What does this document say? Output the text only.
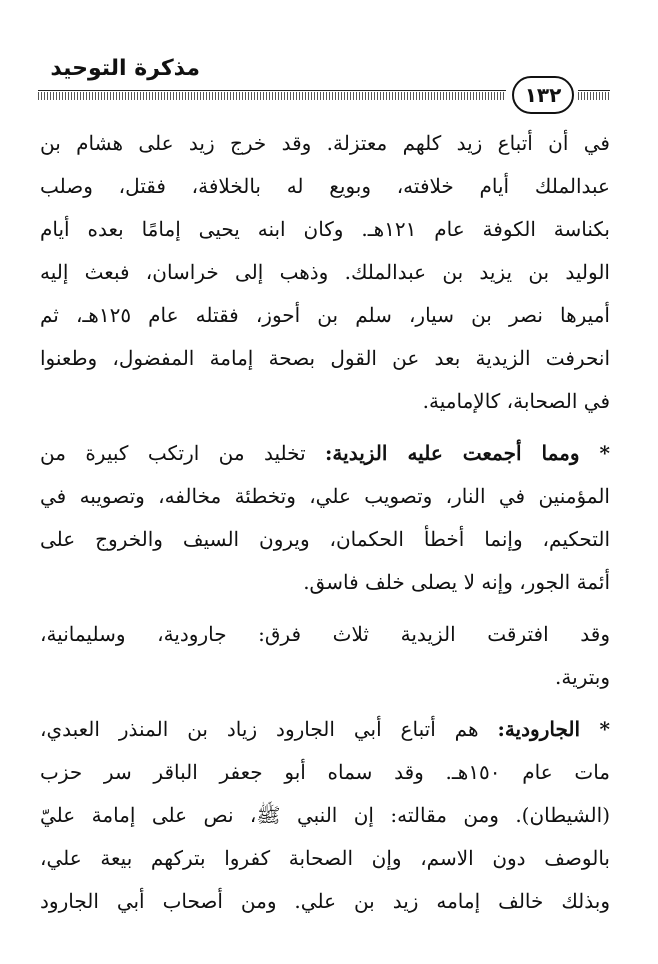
مذكرة التوحيد
١٣٢
في أن أتباع زيد كلهم معتزلة. وقد خرج زيد على هشام بن
عبدالملك أيام خلافته، وبويع له بالخلافة، فقتل، وصلب
بكناسة الكوفة عام ١٢١هـ. وكان ابنه يحيى إمامًا بعده أيام
الوليد بن يزيد بن عبدالملك. وذهب إلى خراسان، فبعث إليه
أميرها نصر بن سيار، سلم بن أحوز، فقتله عام ١٢٥هـ، ثم
انحرفت الزيدية بعد عن القول بصحة إمامة المفضول، وطعنوا
في الصحابة، كالإمامية.
* ومما أجمعت عليه الزيدية: تخليد من ارتكب كبيرة من
المؤمنين في النار، وتصويب علي، وتخطئة مخالفه، وتصويبه في
التحكيم، وإنما أخطأ الحكمان، ويرون السيف والخروج على
أئمة الجور، وإنه لا يصلى خلف فاسق.
وقد افترقت الزيدية ثلاث فرق: جارودية، وسليمانية،
وبترية.
* الجارودية: هم أتباع أبي الجارود زياد بن المنذر العبدي،
مات عام ١٥٠هـ. وقد سماه أبو جعفر الباقر سر حزب
(الشيطان). ومن مقالته: إن النبي ﷺ، نص على إمامة عليّ
بالوصف دون الاسم، وإن الصحابة كفروا بتركهم بيعة علي،
وبذلك خالف إمامه زيد بن علي. ومن أصحاب أبي الجارود
